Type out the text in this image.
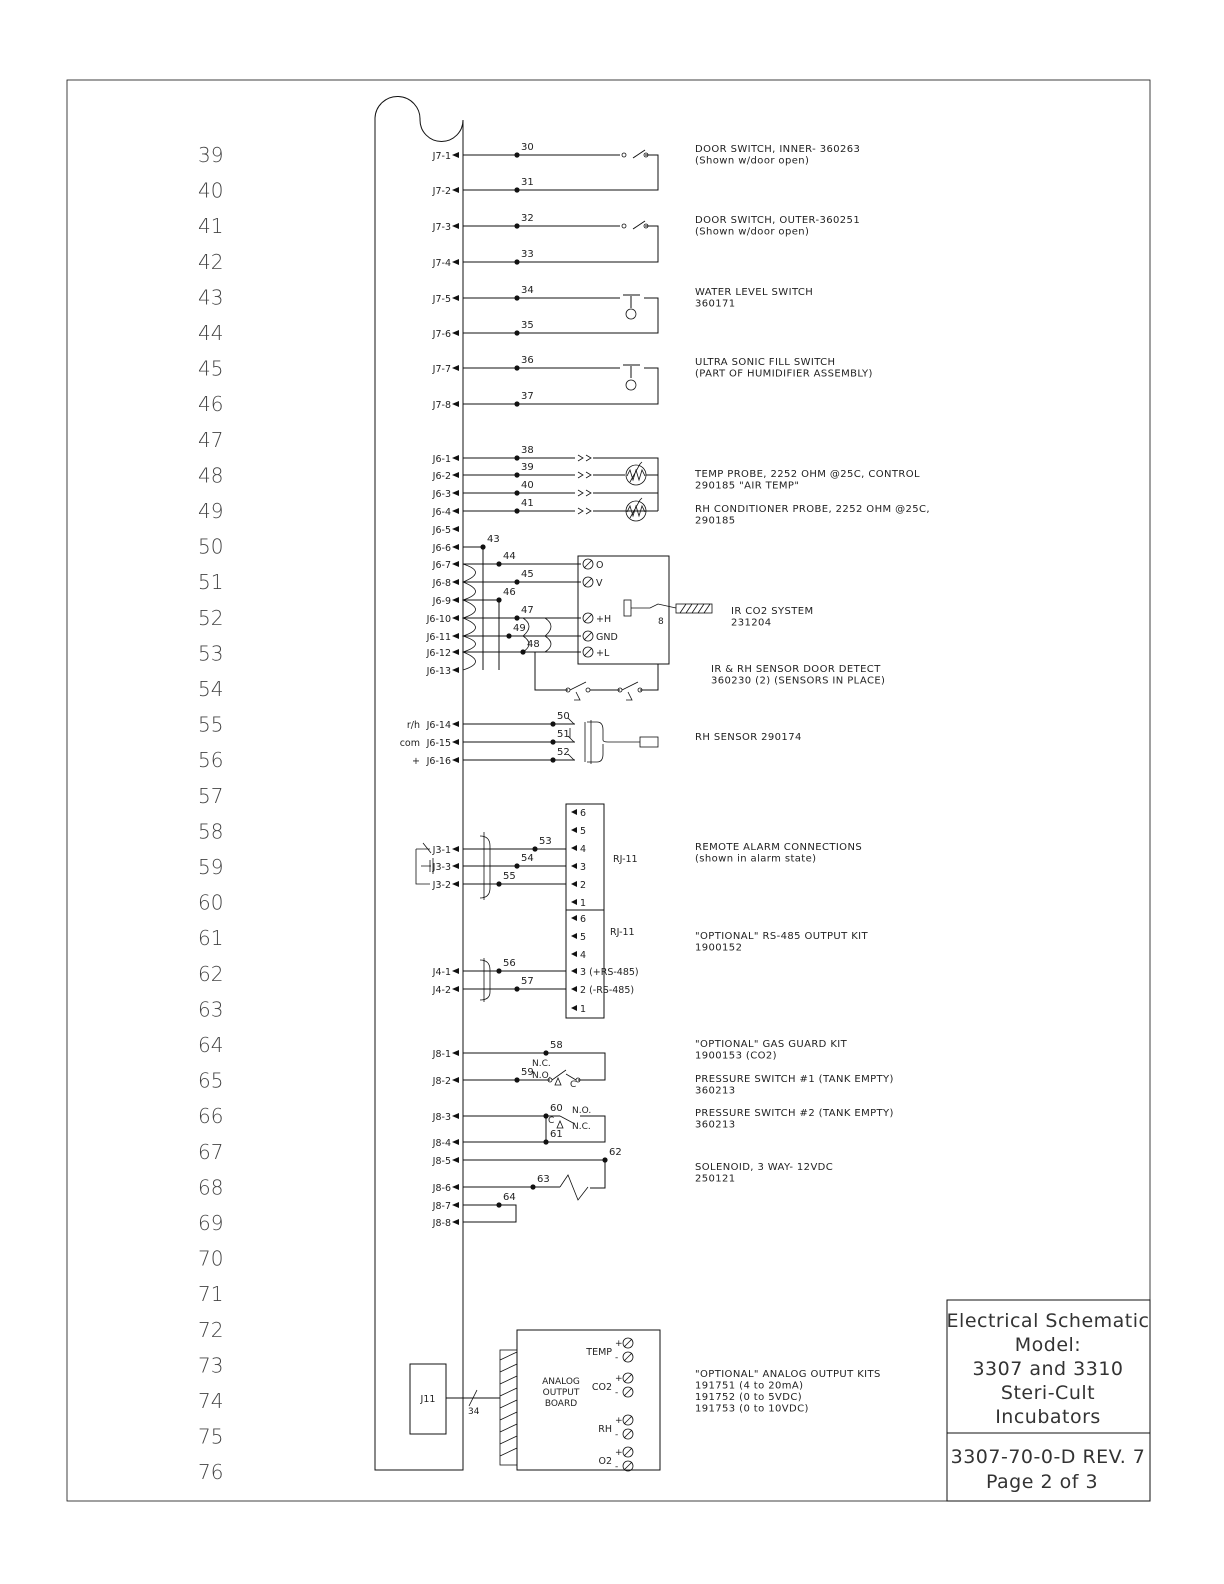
39
40
41
42
43
44
45
46
47
48
49
50
51
52
53
54
55
56
57
58
59
60
61
62
63
64
65
66
67
68
69
70
71
72
73
74
75
76
J7-1
30
J7-2
31
J7-3
32
J7-4
33
J7-5
34
J7-6
35
J7-7
36
J7-8
37
J6-1
38
J6-2
39
J6-3
40
J6-4
41
J6-5
J6-6
43
J6-7
44
J6-8
45
J6-9
46
J6-10
47
J6-11
49
J6-12
48
J6-13
J6-14
r/h
50
J6-15
com
51
J6-16
+
52
J3-1
53
J3-3
54
J3-2
55
J4-1
56
J4-2
57
J8-1
58
J8-2
59
J8-3
60
J8-4
61
J8-5
62
J8-6
63
J8-7
64
J8-8
O
V
+H
GND
+L
8
6
5
4
3
2
1
6
5
4
3 (+RS-485)
2 (-RS-485)
1
RJ-11
RJ-11
N.C.
N.O.
C
N.O.
N.C.
C
ANALOG
OUTPUT
BOARD
TEMP
+
-
CO2
+
-
RH
+
-
O2
+
-
J11
34
DOOR SWITCH, INNER- 360263
(Shown w/door open)
DOOR SWITCH, OUTER-360251
(Shown w/door open)
WATER LEVEL SWITCH
360171
ULTRA SONIC FILL SWITCH
(PART OF HUMIDIFIER ASSEMBLY)
TEMP PROBE, 2252 OHM @25C, CONTROL
290185 "AIR TEMP"
RH CONDITIONER PROBE, 2252 OHM @25C,
290185
IR CO2 SYSTEM
231204
IR & RH SENSOR DOOR DETECT
360230 (2) (SENSORS IN PLACE)
RH SENSOR 290174
REMOTE ALARM CONNECTIONS
(shown in alarm state)
"OPTIONAL" RS-485 OUTPUT KIT
1900152
"OPTIONAL" GAS GUARD KIT
1900153 (CO2)
PRESSURE SWITCH #1 (TANK EMPTY)
360213
PRESSURE SWITCH #2 (TANK EMPTY)
360213
SOLENOID, 3 WAY- 12VDC
250121
"OPTIONAL" ANALOG OUTPUT KITS
191751 (4 to 20mA)
191752 (0 to 5VDC)
191753 (0 to 10VDC)
Electrical Schematic
Model:
3307 and 3310
Steri-Cult
Incubators
3307-70-0-D REV. 7
Page 2 of 3
